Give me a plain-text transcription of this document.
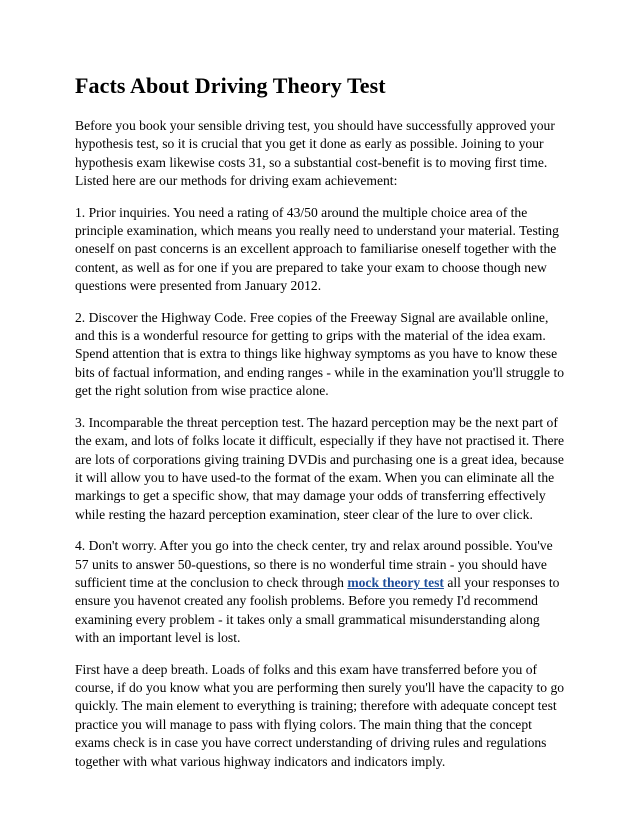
Facts About Driving Theory Test

Before you book your sensible driving test, you should have successfully approved your hypothesis test, so it is crucial that you get it done as early as possible. Joining to your hypothesis exam likewise costs 31, so a substantial cost-benefit is to moving first time. Listed here are our methods for driving exam achievement:

1. Prior inquiries. You need a rating of 43/50 around the multiple choice area of the principle examination, which means you really need to understand your material. Testing oneself on past concerns is an excellent approach to familiarise oneself together with the content, as well as for one if you are prepared to take your exam to choose though new questions were presented from January 2012.

2. Discover the Highway Code. Free copies of the Freeway Signal are available online, and this is a wonderful resource for getting to grips with the material of the idea exam. Spend attention that is extra to things like highway symptoms as you have to know these bits of factual information, and ending ranges - while in the examination you'll struggle to get the right solution from wise practice alone.

3. Incomparable the threat perception test. The hazard perception may be the next part of the exam, and lots of folks locate it difficult, especially if they have not practised it. There are lots of corporations giving training DVDis and purchasing one is a great idea, because it will allow you to have used-to the format of the exam. When you can eliminate all the markings to get a specific show, that may damage your odds of transferring effectively while resting the hazard perception examination, steer clear of the lure to over click.

4. Don't worry. After you go into the check center, try and relax around possible. You've 57 units to answer 50-questions, so there is no wonderful time strain - you should have sufficient time at the conclusion to check through mock theory test all your responses to ensure you havenot created any foolish problems. Before you remedy I'd recommend examining every problem - it takes only a small grammatical misunderstanding along with an important level is lost.

First have a deep breath. Loads of folks and this exam have transferred before you of course, if do you know what you are performing then surely you'll have the capacity to go quickly. The main element to everything is training; therefore with adequate concept test practice you will manage to pass with flying colors. The main thing that the concept exams check is in case you have correct understanding of driving rules and regulations together with what various highway indicators and indicators imply.
